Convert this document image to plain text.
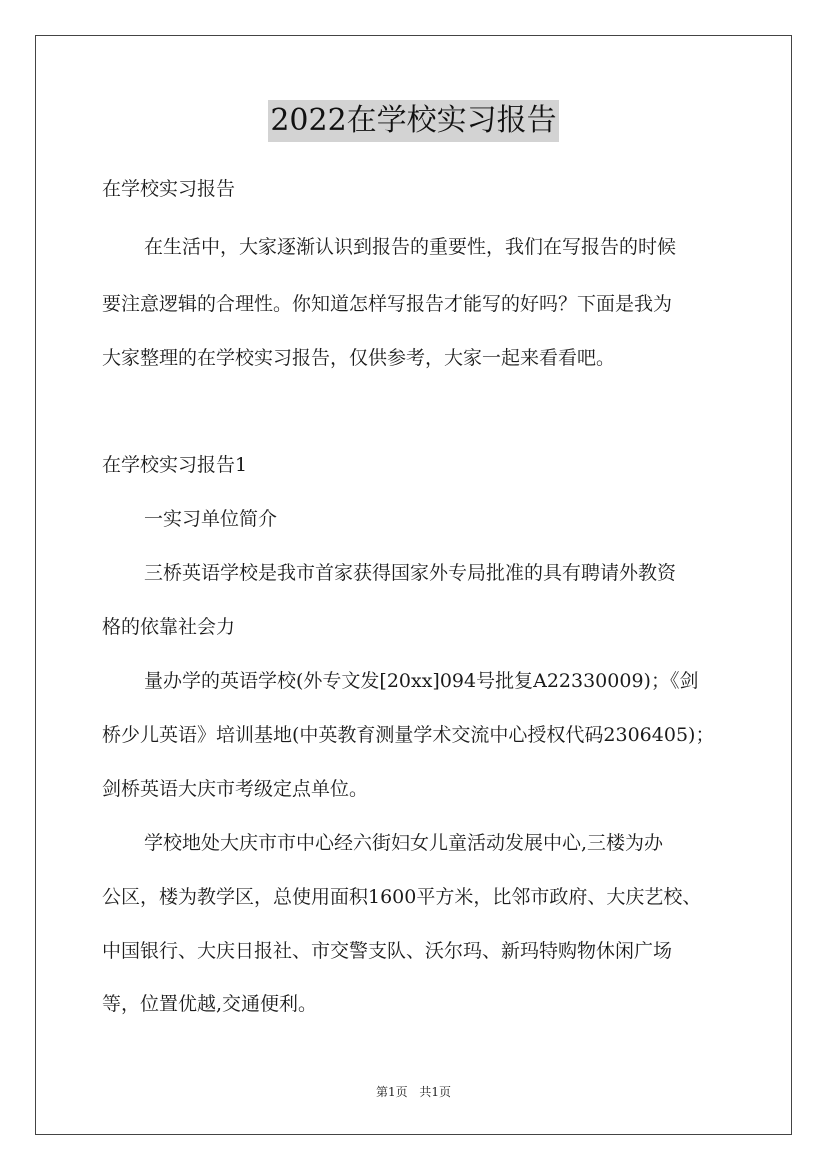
2022在学校实习报告

在学校实习报告

在生活中，大家逐渐认识到报告的重要性，我们在写报告的时候

要注意逻辑的合理性。你知道怎样写报告才能写的好吗？下面是我为

大家整理的在学校实习报告，仅供参考，大家一起来看看吧。

在学校实习报告1

一实习单位简介

三桥英语学校是我市首家获得国家外专局批准的具有聘请外教资

格的依靠社会力

量办学的英语学校(外专文发[20xx]094号批复A22330009)；《剑

桥少儿英语》培训基地(中英教育测量学术交流中心授权代码2306405)；

剑桥英语大庆市考级定点单位。

学校地处大庆市市中心经六街妇女儿童活动发展中心,三楼为办

公区，楼为教学区，总使用面积1600平方米，比邻市政府、大庆艺校、

中国银行、大庆日报社、市交警支队、沃尔玛、新玛特购物休闲广场

等，位置优越,交通便利。

第1页 共1页
